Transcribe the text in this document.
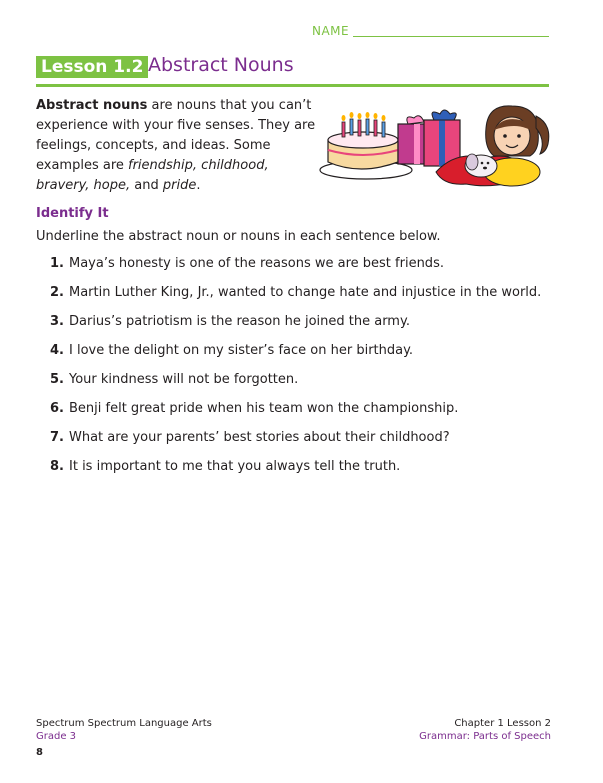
NAME
Lesson 1.2 Abstract Nouns
Abstract nouns are nouns that you can’t experience with your five senses. They are feelings, concepts, and ideas. Some examples are friendship, childhood, bravery, hope, and pride.
Identify It
Underline the abstract noun or nouns in each sentence below.
1. Maya’s honesty is one of the reasons we are best friends.
2. Martin Luther King, Jr., wanted to change hate and injustice in the world.
3. Darius’s patriotism is the reason he joined the army.
4. I love the delight on my sister’s face on her birthday.
5. Your kindness will not be forgotten.
6. Benji felt great pride when his team won the championship.
7. What are your parents’ best stories about their childhood?
8. It is important to me that you always tell the truth.
Spectrum Spectrum Language Arts
Grade 3
Chapter 1 Lesson 2
Grammar: Parts of Speech
8
